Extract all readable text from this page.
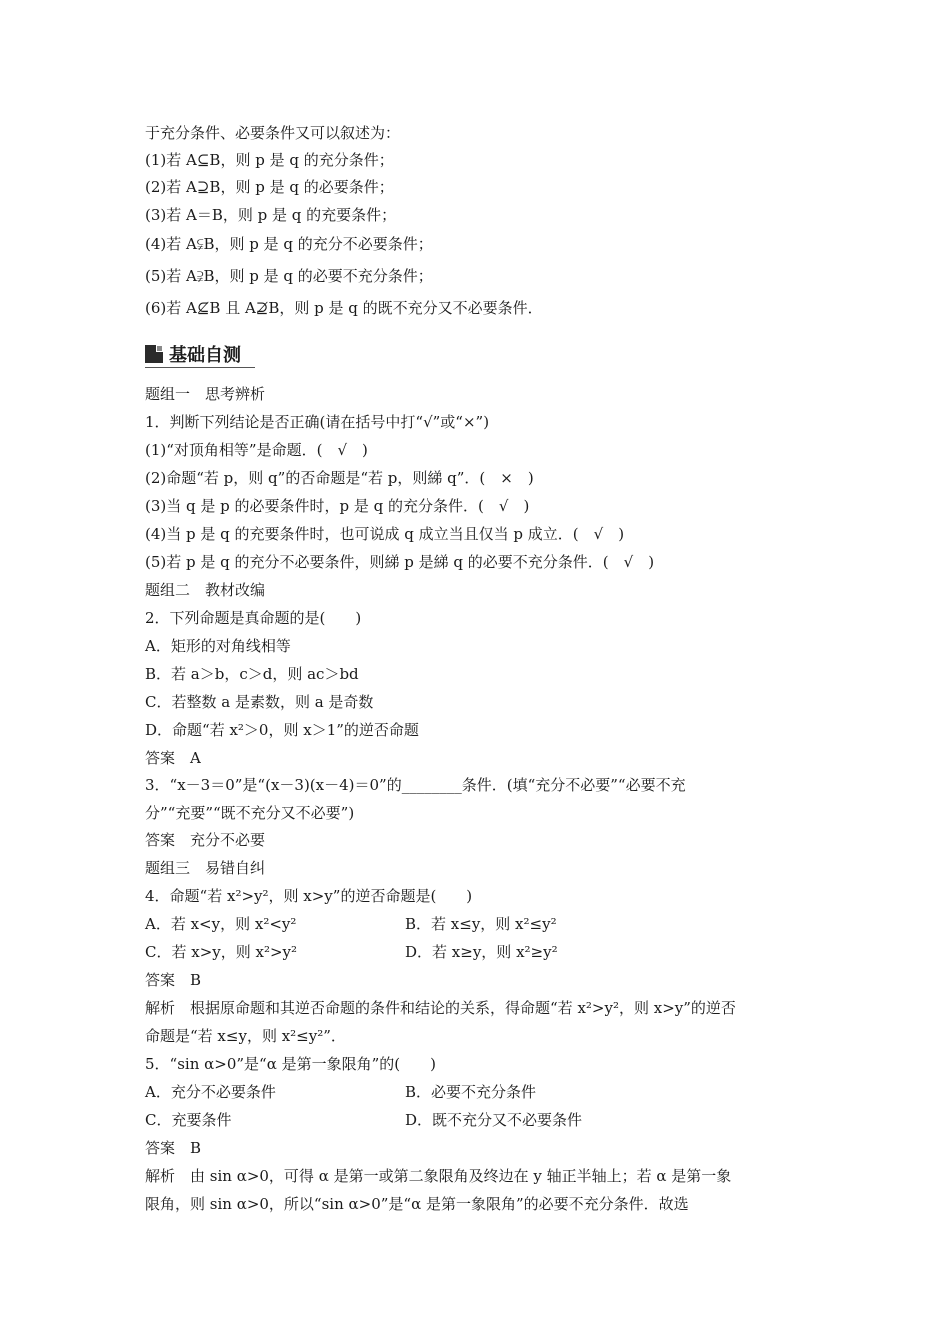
于充分条件、必要条件又可以叙述为：
(1)若 A⊆B，则 p 是 q 的充分条件；
(2)若 A⊇B，则 p 是 q 的必要条件；
(3)若 A＝B，则 p 是 q 的充要条件；
(4)若 A⫋B，则 p 是 q 的充分不必要条件；
(5)若 A⫌B，则 p 是 q 的必要不充分条件；
(6)若 A⊈B 且 A⊉B，则 p 是 q 的既不充分又不必要条件．
基础自测
题组一　思考辨析
1．判断下列结论是否正确(请在括号中打“√”或“×”)
(1)“对顶角相等”是命题．(　√　)
(2)命题“若 p，则 q”的否命题是“若 p，则綈 q”．(　×　)
(3)当 q 是 p 的必要条件时，p 是 q 的充分条件．(　√　)
(4)当 p 是 q 的充要条件时，也可说成 q 成立当且仅当 p 成立．(　√　)
(5)若 p 是 q 的充分不必要条件，则綈 p 是綈 q 的必要不充分条件．(　√　)
题组二　教材改编
2．下列命题是真命题的是(　　)
A．矩形的对角线相等
B．若 a＞b，c＞d，则 ac＞bd
C．若整数 a 是素数，则 a 是奇数
D．命题“若 x²＞0，则 x＞1”的逆否命题
答案　A
3．“x－3＝0”是“(x－3)(x－4)＝0”的________条件．(填“充分不必要”“必要不充
分”“充要”“既不充分又不必要”)
答案　充分不必要
题组三　易错自纠
4．命题“若 x²>y²，则 x>y”的逆否命题是(　　)
A．若 x<y，则 x²<y²	B．若 x≤y，则 x²≤y²
C．若 x>y，则 x²>y²	D．若 x≥y，则 x²≥y²
答案　B
解析　根据原命题和其逆否命题的条件和结论的关系，得命题“若 x²>y²，则 x>y”的逆否
命题是“若 x≤y，则 x²≤y²”．
5．“sin α>0”是“α 是第一象限角”的(　　)
A．充分不必要条件	B．必要不充分条件
C．充要条件	D．既不充分又不必要条件
答案　B
解析　由 sin α>0，可得 α 是第一或第二象限角及终边在 y 轴正半轴上；若 α 是第一象
限角，则 sin α>0，所以“sin α>0”是“α 是第一象限角”的必要不充分条件．故选
